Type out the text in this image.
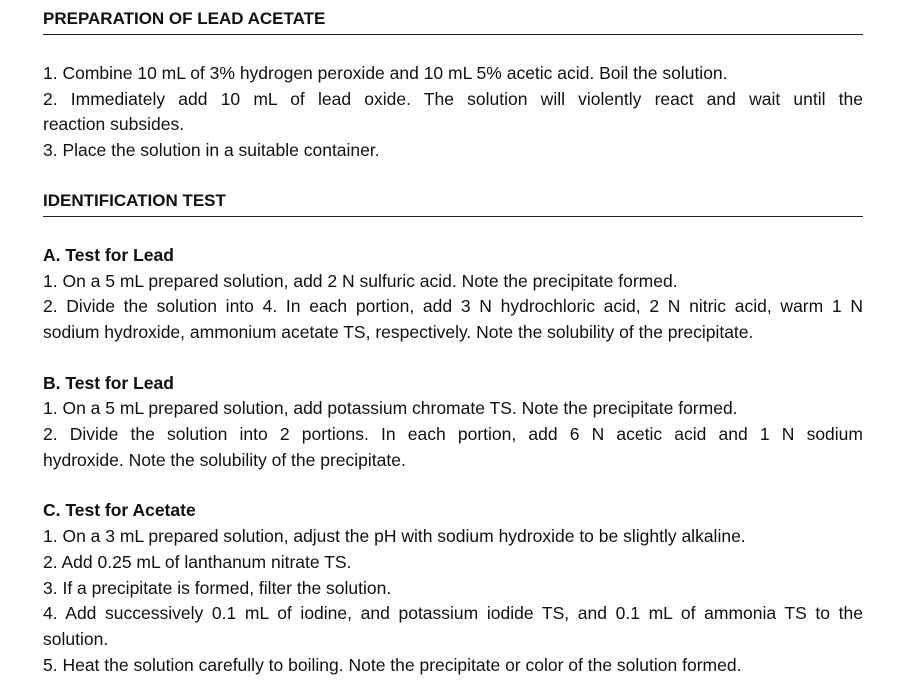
PREPARATION OF LEAD ACETATE

1. Combine 10 mL of 3% hydrogen peroxide and 10 mL 5% acetic acid. Boil the solution.

2. Immediately add 10 mL of lead oxide. The solution will violently react and wait until the

reaction subsides.

3. Place the solution in a suitable container.

IDENTIFICATION TEST

A. Test for Lead

1. On a 5 mL prepared solution, add 2 N sulfuric acid. Note the precipitate formed.

2. Divide the solution into 4. In each portion, add 3 N hydrochloric acid, 2 N nitric acid, warm 1 N

sodium hydroxide, ammonium acetate TS, respectively. Note the solubility of the precipitate.

B. Test for Lead

1. On a 5 mL prepared solution, add potassium chromate TS. Note the precipitate formed.

2. Divide the solution into 2 portions. In each portion, add 6 N acetic acid and 1 N sodium

hydroxide. Note the solubility of the precipitate.

C. Test for Acetate

1. On a 3 mL prepared solution, adjust the pH with sodium hydroxide to be slightly alkaline.

2. Add 0.25 mL of lanthanum nitrate TS.

3. If a precipitate is formed, filter the solution.

4. Add successively 0.1 mL of iodine, and potassium iodide TS, and 0.1 mL of ammonia TS to the

solution.

5. Heat the solution carefully to boiling. Note the precipitate or color of the solution formed.
